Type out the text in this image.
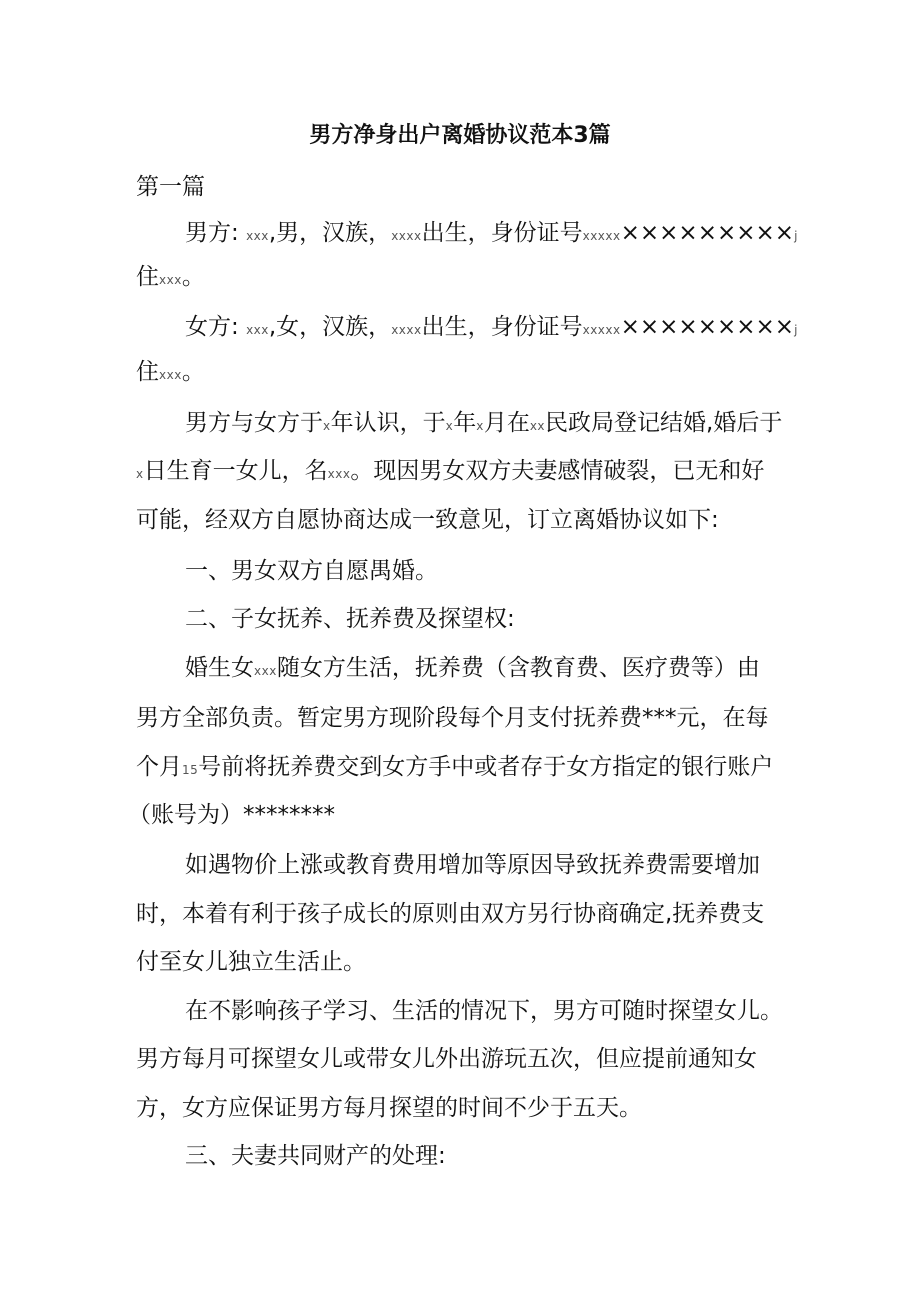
男方净身出户离婚协议范本3篇
第一篇
男方: xxx,男，汉族，xxxx出生，身份证号xxxxx×××××××××j
住xxx。
女方: xxx,女，汉族，xxxx出生，身份证号xxxxx×××××××××j
住xxx。
男方与女方于x年认识，于x年x月在xx民政局登记结婚,婚后于
x日生育一女儿，名xxx。现因男女双方夫妻感情破裂，已无和好
可能，经双方自愿协商达成一致意见，订立离婚协议如下:
一、男女双方自愿禺婚。
二、子女抚养、抚养费及探望权:
婚生女xxx随女方生活，抚养费（含教育费、医疗费等）由
男方全部负责。暂定男方现阶段每个月支付抚养费***元，在每
个月15号前将抚养费交到女方手中或者存于女方指定的银行账户
（账号为）********
如遇物价上涨或教育费用增加等原因导致抚养费需要增加
时，本着有利于孩子成长的原则由双方另行协商确定,抚养费支
付至女儿独立生活止。
在不影响孩子学习、生活的情况下，男方可随时探望女儿。
男方每月可探望女儿或带女儿外出游玩五次，但应提前通知女
方，女方应保证男方每月探望的时间不少于五天。
三、夫妻共同财产的处理:
